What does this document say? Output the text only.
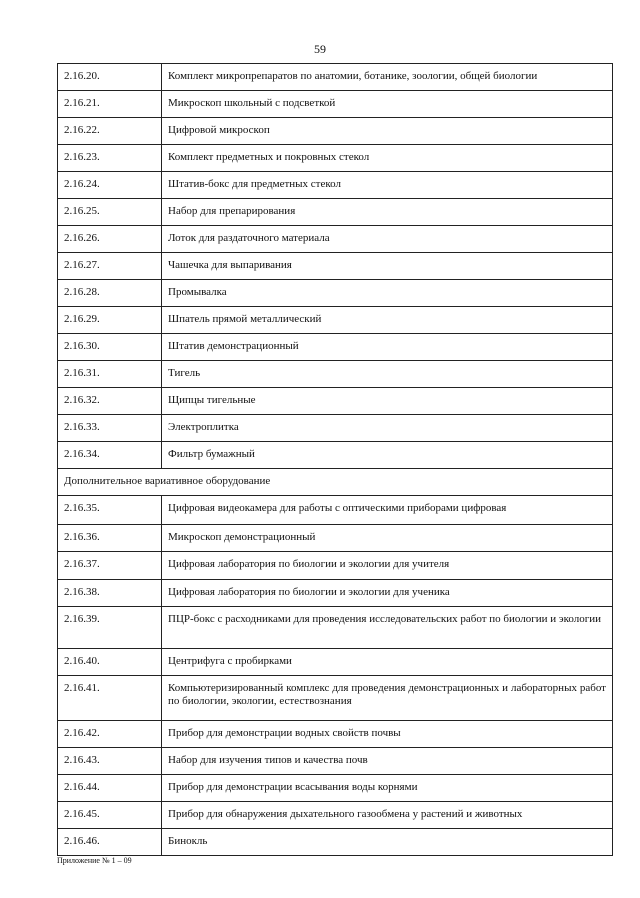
59
2.16.20.	Комплект микропрепаратов по анатомии, ботанике, зоологии, общей биологии
2.16.21.	Микроскоп школьный с подсветкой
2.16.22.	Цифровой микроскоп
2.16.23.	Комплект предметных и покровных стекол
2.16.24.	Штатив-бокс для предметных стекол
2.16.25.	Набор для препарирования
2.16.26.	Лоток для раздаточного материала
2.16.27.	Чашечка для выпаривания
2.16.28.	Промывалка
2.16.29.	Шпатель прямой металлический
2.16.30.	Штатив демонстрационный
2.16.31.	Тигель
2.16.32.	Щипцы тигельные
2.16.33.	Электроплитка
2.16.34.	Фильтр бумажный
Дополнительное вариативное оборудование	
2.16.35.	Цифровая видеокамера для работы с оптическими приборами цифровая
2.16.36.	Микроскоп демонстрационный
2.16.37.	Цифровая лаборатория по биологии и экологии для учителя
2.16.38.	Цифровая лаборатория по биологии и экологии для ученика
2.16.39.	ПЦР-бокс с расходниками для проведения исследовательских работ по биологии и экологии
2.16.40.	Центрифуга с пробирками
2.16.41.	Компьютеризированный комплекс для проведения демонстрационных и лабораторных работ по биологии, экологии, естествознания
2.16.42.	Прибор для демонстрации водных свойств почвы
2.16.43.	Набор для изучения типов и качества почв
2.16.44.	Прибор для демонстрации всасывания воды корнями
2.16.45.	Прибор для обнаружения дыхательного газообмена у растений и животных
2.16.46.	Бинокль
Приложение № 1 – 09
